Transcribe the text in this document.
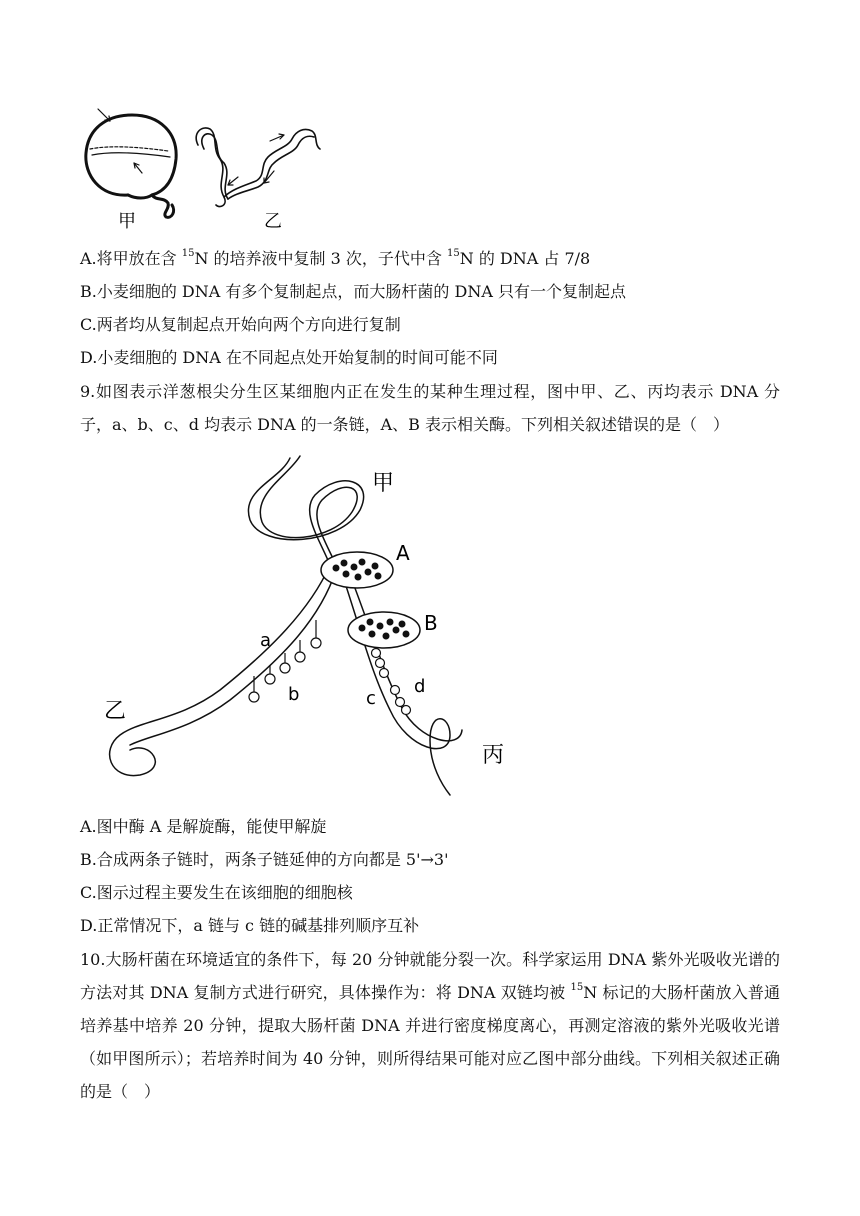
甲	乙
A.将甲放在含 $^{15}$N 的培养液中复制 3 次，子代中含 $^{15}$N 的 DNA 占 7/8
B.小麦细胞的 DNA 有多个复制起点，而大肠杆菌的 DNA 只有一个复制起点
C.两者均从复制起点开始向两个方向进行复制
D.小麦细胞的 DNA 在不同起点处开始复制的时间可能不同
9.如图表示洋葱根尖分生区某细胞内正在发生的某种生理过程，图中甲、乙、丙均表示 DNA 分子，a、b、c、d 均表示 DNA 的一条链，A、B 表示相关酶。下列相关叙述错误的是（　）
A
B
a
b	c
d
甲
乙
丙
A.图中酶 A 是解旋酶，能使甲解旋
B.合成两条子链时，两条子链延伸的方向都是 5'→3'
C.图示过程主要发生在该细胞的细胞核
D.正常情况下，a 链与 c 链的碱基排列顺序互补
10.大肠杆菌在环境适宜的条件下，每 20 分钟就能分裂一次。科学家运用 DNA 紫外光吸收光谱的方法对其 DNA 复制方式进行研究，具体操作为：将 DNA 双链均被 $^{15}$N 标记的大肠杆菌放入普通培养基中培养 20 分钟，提取大肠杆菌 DNA 并进行密度梯度离心，再测定溶液的紫外光吸收光谱（如甲图所示）；若培养时间为 40 分钟，则所得结果可能对应乙图中部分曲线。下列相关叙述正确的是（　）
